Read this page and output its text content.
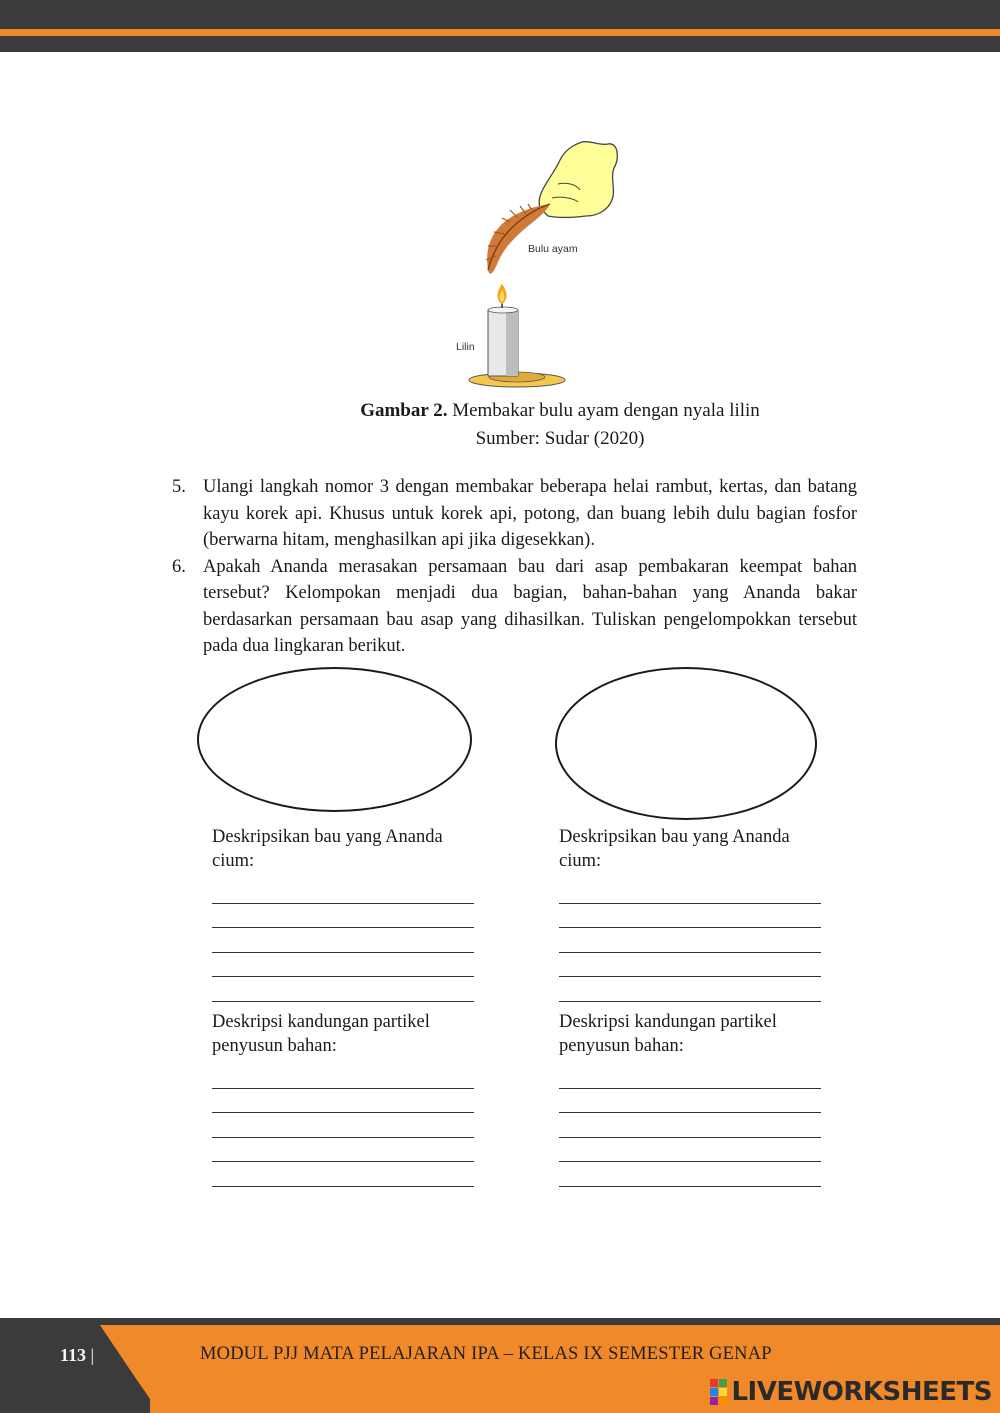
Bulu ayam
Lilin
Gambar 2. Membakar bulu ayam dengan nyala lilin
Sumber: Sudar (2020)
5. Ulangi langkah nomor 3 dengan membakar beberapa helai rambut, kertas, dan batang kayu korek api. Khusus untuk korek api, potong, dan buang lebih dulu bagian fosfor (berwarna hitam, menghasilkan api jika digesekkan).
6. Apakah Ananda merasakan persamaan bau dari asap pembakaran keempat bahan tersebut? Kelompokan menjadi dua bagian, bahan-bahan yang Ananda bakar berdasarkan persamaan bau asap yang dihasilkan. Tuliskan pengelompokkan tersebut pada dua lingkaran berikut.

Deskripsikan bau yang Ananda cium:

Deskripsikan bau yang Ananda cium:

Deskripsi kandungan partikel penyusun bahan:

Deskripsi kandungan partikel penyusun bahan:

113 |	MODUL PJJ MATA PELAJARAN IPA – KELAS IX SEMESTER GENAP
LIVEWORKSHEETS
